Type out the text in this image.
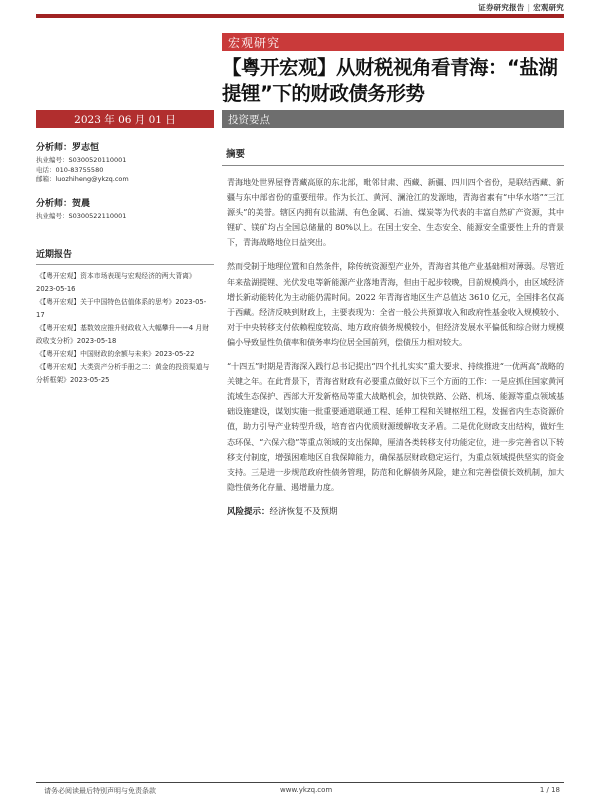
证券研究报告 | 宏观研究
宏观研究
【粤开宏观】从财税视角看青海：“盐湖提锂”下的财政债务形势
2023 年 06 月 01 日	投资要点
分析师：罗志恒
执业编号：S0300520110001
电话：010-83755580
邮箱：luozhiheng@ykzq.com
分析师：贺晨
执业编号：S0300522110001
近期报告
《【粤开宏观】资本市场表现与宏观经济的两大背离》2023-05-16
《【粤开宏观】关于中国特色估值体系的思考》2023-05-17
《【粤开宏观】基数效应推升财政收入大幅攀升——4 月财政收支分析》2023-05-18
《【粤开宏观】中国财政的余额与未来》2023-05-22
《【粤开宏观】大类资产分析手册之二：黄金的投资渠道与分析框架》2023-05-25
摘要

青海地处世界屋脊青藏高原的东北部，毗邻甘肃、西藏、新疆、四川四个省份，是联结西藏、新疆与东中部省份的重要纽带。作为长江、黄河、澜沧江的发源地，青海省素有“中华水塔”“三江源头”的美誉。辖区内拥有以盐湖、有色金属、石油、煤炭等为代表的丰富自然矿产资源，其中锂矿、镁矿均占全国总储量的 80%以上。在国土安全、生态安全、能源安全重要性上升的背景下，青海战略地位日益突出。

然而受制于地理位置和自然条件，除传统资源型产业外，青海省其他产业基础相对薄弱。尽管近年来盐湖提锂、光伏发电等新能源产业落地青海，但由于起步较晚，目前规模尚小，由区域经济增长新动能转化为主动能仍需时间。2022 年青海省地区生产总值达 3610 亿元，全国排名仅高于西藏。经济反映到财政上，主要表现为：全省一般公共预算收入和政府性基金收入规模较小、对于中央转移支付依赖程度较高、地方政府债务规模较小，但经济发展水平偏低和综合财力规模偏小导致显性负债率和债务率均位居全国前列，偿债压力相对较大。

“十四五”时期是青海深入践行总书记提出“四个扎扎实实”重大要求、持续推进“一优两高”战略的关键之年。在此背景下，青海省财政有必要重点做好以下三个方面的工作：一是应抓住国家黄河流域生态保护、西部大开发新格局等重大战略机会，加快铁路、公路、机场、能源等重点领域基础设施建设，谋划实施一批重要通道联通工程、延伸工程和关键枢纽工程，发掘省内生态资源价值，助力引导产业转型升级，培育省内优质财源缓解收支矛盾。二是优化财政支出结构，做好生态环保、“六保六稳”等重点领域的支出保障，厘清各类转移支付功能定位，进一步完善省以下转移支付制度，增强困难地区自我保障能力，确保基层财政稳定运行，为重点领域提供坚实的资金支持。三是进一步规范政府性债务管理，防范和化解债务风险，建立和完善偿债长效机制，加大隐性债务化存量、遏增量力度。

风险提示：经济恢复不及预期
请务必阅读最后特别声明与免责条款	www.ykzq.com	1 / 18
